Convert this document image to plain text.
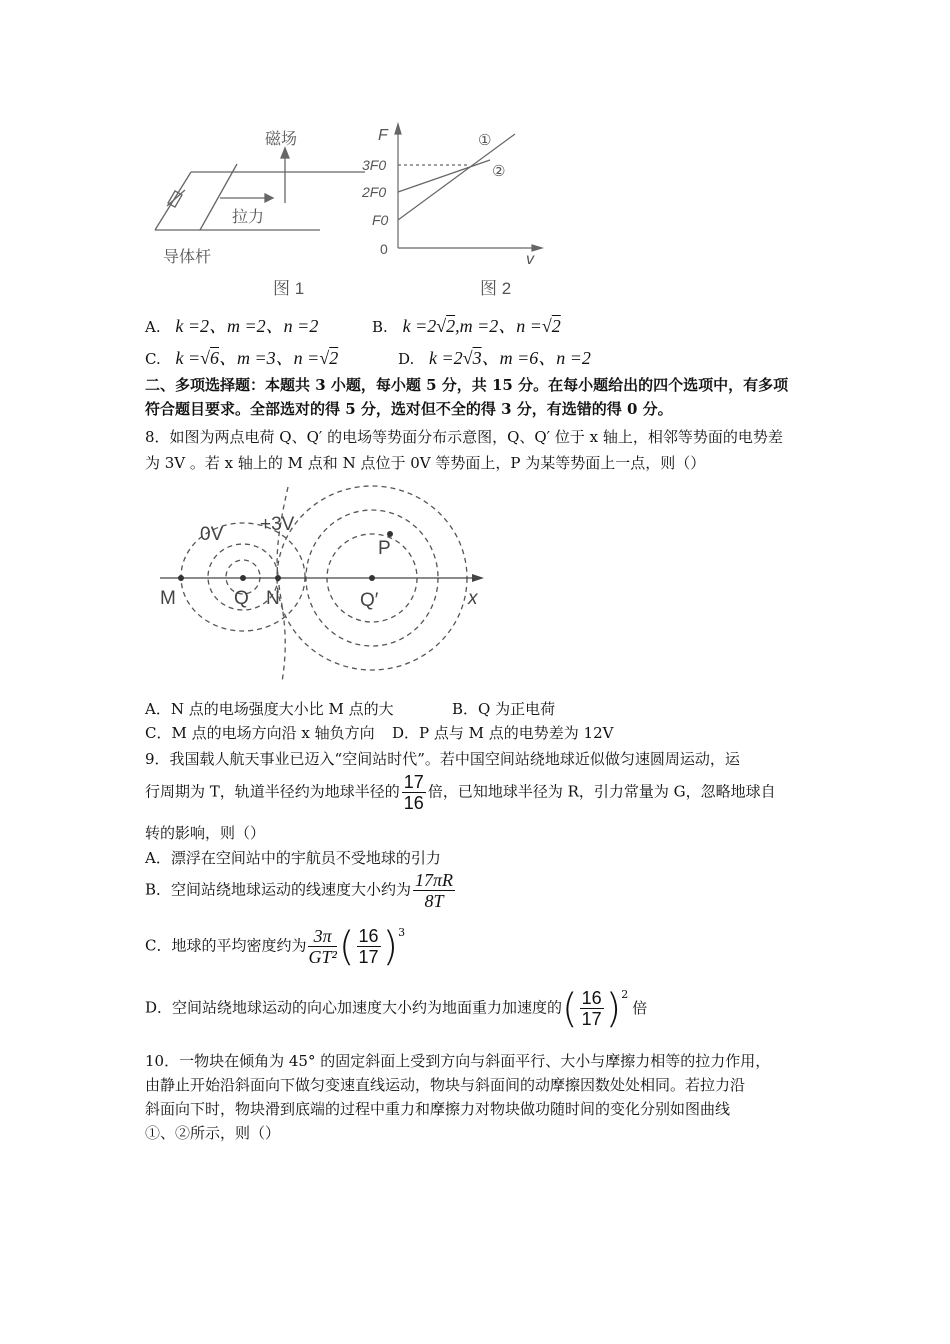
磁场
拉力
导体杆
图 1
F
3F0
2F0
F0
v
0
①
②
图 2
A. k =2、m =2、n =2	B. k =2√2,m =2、n =√2
C. k =√6、m =3、n =√2	D. k =2√3、m =6、n =2
二、多项选择题：本题共 3 小题，每小题 5 分，共 15 分。在每小题给出的四个选项中，有多项
符合题目要求。全部选对的得 5 分，选对但不全的得 3 分，有选错的得 0 分。
8．如图为两点电荷 Q、Q′ 的电场等势面分布示意图，Q、Q′ 位于 x 轴上，相邻等势面的电势差
为 3V 。若 x 轴上的 M 点和 N 点位于 0V 等势面上，P 为某等势面上一点，则（）
0V +3V
M	Q N	Q′
P
x
A．N 点的电场强度大小比 M 点的大	B．Q 为正电荷
C．M 点的电场方向沿 x 轴负方向 D．P 点与 M 点的电势差为 12V
9．我国载人航天事业已迈入“空间站时代”。若中国空间站绕地球近似做匀速圆周运动，运
行周期为 T，轨道半径约为地球半径的 $\frac{17}{16}$ 倍，已知地球半径为 R，引力常量为 G，忽略地球自
转的影响，则（）
A．漂浮在空间站中的宇航员不受地球的引力
B．空间站绕地球运动的线速度大小约为 $\frac{17\pi R}{8T}$
C．地球的平均密度约为 $\frac{3\pi}{\text{GT²}}$ ( $\frac{16}{17} )^3$
D．空间站绕地球运动的向心加速度大小约为地面重力加速度的( $\frac{16}{17} )^2$倍
10．一物块在倾角为 45° 的固定斜面上受到方向与斜面平行、大小与摩擦力相等的拉力作用，
由静止开始沿斜面向下做匀变速直线运动，物块与斜面间的动摩擦因数处处相同。若拉力沿
斜面向下时，物块滑到底端的过程中重力和摩擦力对物块做功随时间的变化分别如图曲线
①、②所示，则（）
